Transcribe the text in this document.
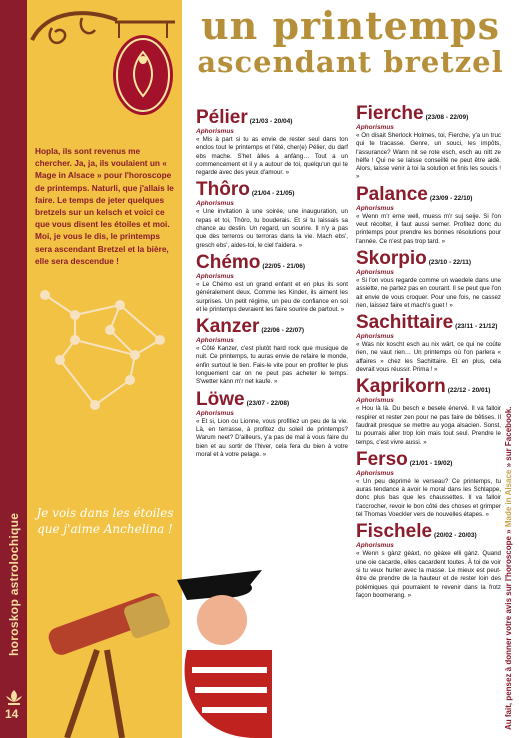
horoskop astrolochique
14
Hopla, ils sont revenus me chercher. Ja, ja, ils voulaient un « Mage in Alsace » pour l'horoscope de printemps. Naturli, que j'allais le faire. Le temps de jeter quelques bretzels sur un kelsch et voici ce que vous disent les étoiles et moi. Moi, je vous le dis, le printemps sera ascendant Bretzel et la bière, elle sera descendue !
Je vois dans les étoiles que j'aime Anchelina !
un printemps
ascendant bretzel
Pélier (21/03 - 20/04)
Aphorismus
« Mis à part si tu as envie de rester seul dans ton enclos tout le printemps et l'été, cher(e) Pélier, du darf ebs mache. S'het àlles a anfàng… Tout a un commencement et il y a autour de toi, quelqu'un qui te regarde avec des yeux d'amour. »
Thôro (21/04 - 21/05)
Aphorismus
« Une invitation à une soirée, une inauguration, un repas et toi, Thôro, tu bouderais. Et si tu laissais sa chance au destin. Un regard, un sourire. Il n'y a pas que des terreros ou terroras dans la vie. Mach ebs', gresch ebs', aides-toi, le ciel t'aidera. »
Chémo (22/05 - 21/06)
Aphorismus
« Le Chémo est un grand enfant et en plus ils sont généralement deux. Comme les Kinder, ils aiment les surprises. Un petit régime, un peu de confiance en soi et le printemps devraient les faire sourire de partout. »
Kanzer (22/06 - 22/07)
Aphorismus
« Côté Kanzer, c'est plutôt hard rock que musique de nuit. Ce printemps, tu auras envie de refaire le monde, enfin surtout le tien. Fais-le vite pour en profiter le plus longuement car on ne peut pas acheter le temps. S'wetter kànn m'r net kaufe. »
Löwe (23/07 - 22/08)
Aphorismus
« Et si, Lion ou Lionne, vous profitiez un peu de la vie. Là, en terrasse, à profitez du soleil de printemps? Warum neet? D'ailleurs, y'a pas de mal à vous faire du bien et au sortir de l'hiver, cela fera du bien à votre moral et à votre pelage. »
Fierche (23/08 - 22/09)
Aphorismus
« On disait Sherlock Holmes, toi, Fierche, y'a un truc qui te tracasse. Genre, un souci, les impôts, l'assurance? Wann nit se rote esch, esch au nitt ze hèlfe ! Qui ne se laisse conseillé ne peut être aidé. Alors, laisse venir à toi la solution et finis les soucis ! »
Palance (23/09 - 22/10)
Aphorismus
« Wenn m'r erne well, muess m'r suj seije. Si l'on veut récolter, il faut aussi semer. Profitez donc du printemps pour prendre les bonnes résolutions pour l'année. Ce n'est pas trop tard. »
Skorpio (23/10 - 22/11)
Aphorismus
« Si l'on vous regarde comme un waedele dans une assiette, ne partez pas en courant. Il se peut que l'on ait envie de vous croquer. Pour une fois, ne cassez rien, laissez faire et mach's guet ! »
Sachittaire (23/11 - 21/12)
Aphorismus
« Was nix koscht esch au nix wärt, ce qui ne coûte rien, ne vaut rien… Un printemps où l'on parlera « affaires » chez les Sachittaire. Et en plus, cela devrait vous réussir. Prima ! »
Kaprikorn (22/12 - 20/01)
Aphorismus
« Hou là là. Du besch e besele énervé. Il va falloir respirer et rester zen pour ne pas faire de bêtises. Il faudrait presque se mettre au yoga alsacien. Sonst, tu pourrais aller trop loin mais tout seul. Prendre le temps, c'est vivre aussi. »
Ferso (21/01 - 19/02)
Aphorismus
« Un peu déprimé le verseau? Ce printemps, tu auras tendance à avoir le moral dans les Schlappe, donc plus bas que les chaussettes. Il va falloir t'accrocher, revoir le bon côté des choses et grimper tel Thomas Voeckler vers de nouvelles étapes. »
Fischele (20/02 - 20/03)
Aphorismus
« Wenn s gànz gèàxt, no gèàxe elli gànz. Quand une oie cacarde, elles cacardent toutes. À toi de voir si tu veux hurler avec la masse. Le mieux est peut-être de prendre de la hauteur et de rester loin des polémiques qui pourraient te revenir dans la frotz façon boomerang. »	Au fait, pensez à donner votre avis sur l'horoscope » Made in Alsace » sur Facebook.
